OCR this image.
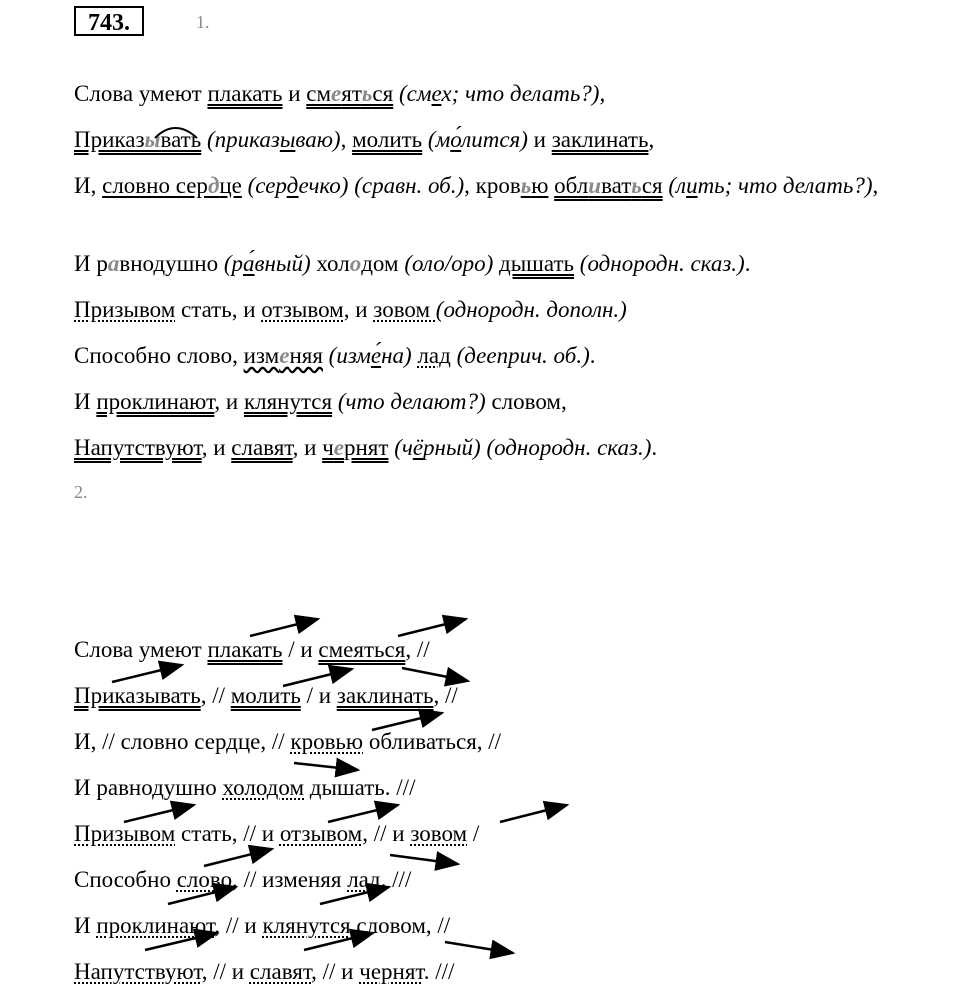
743.	1.
Слова умеют плакать и смеяться (смех; что делать?),
Приказывать (приказываю), молить (мо́лится) и заклинать,
И, словно сердце (сердечко) (сравн. об.), кровью обливаться (лить; что делать?),
И равнодушно (ра́вный) холодом (оло/оро) дышать (однородн. сказ.).
Призывом стать, и отзывом, и зовом (однородн. дополн.)
Способно слово, изменяя (изме́на) лад (дееприч. об.).
И проклинают, и клянутся (что делают?) словом,
Напутствуют, и славят, и чернят (чёрный) (однородн. сказ.).
2.
Слова умеют плакать / и смеяться, //
Приказывать, // молить / и заклинать, //
И, // словно сердце, // кровью обливаться, //
И равнодушно холодом дышать. ///
Призывом стать, // и отзывом, // и зовом /
Способно слово, // изменяя лад. ///
И проклинают, // и клянутся словом, //
Напутствуют, // и славят, // и чернят. ///
